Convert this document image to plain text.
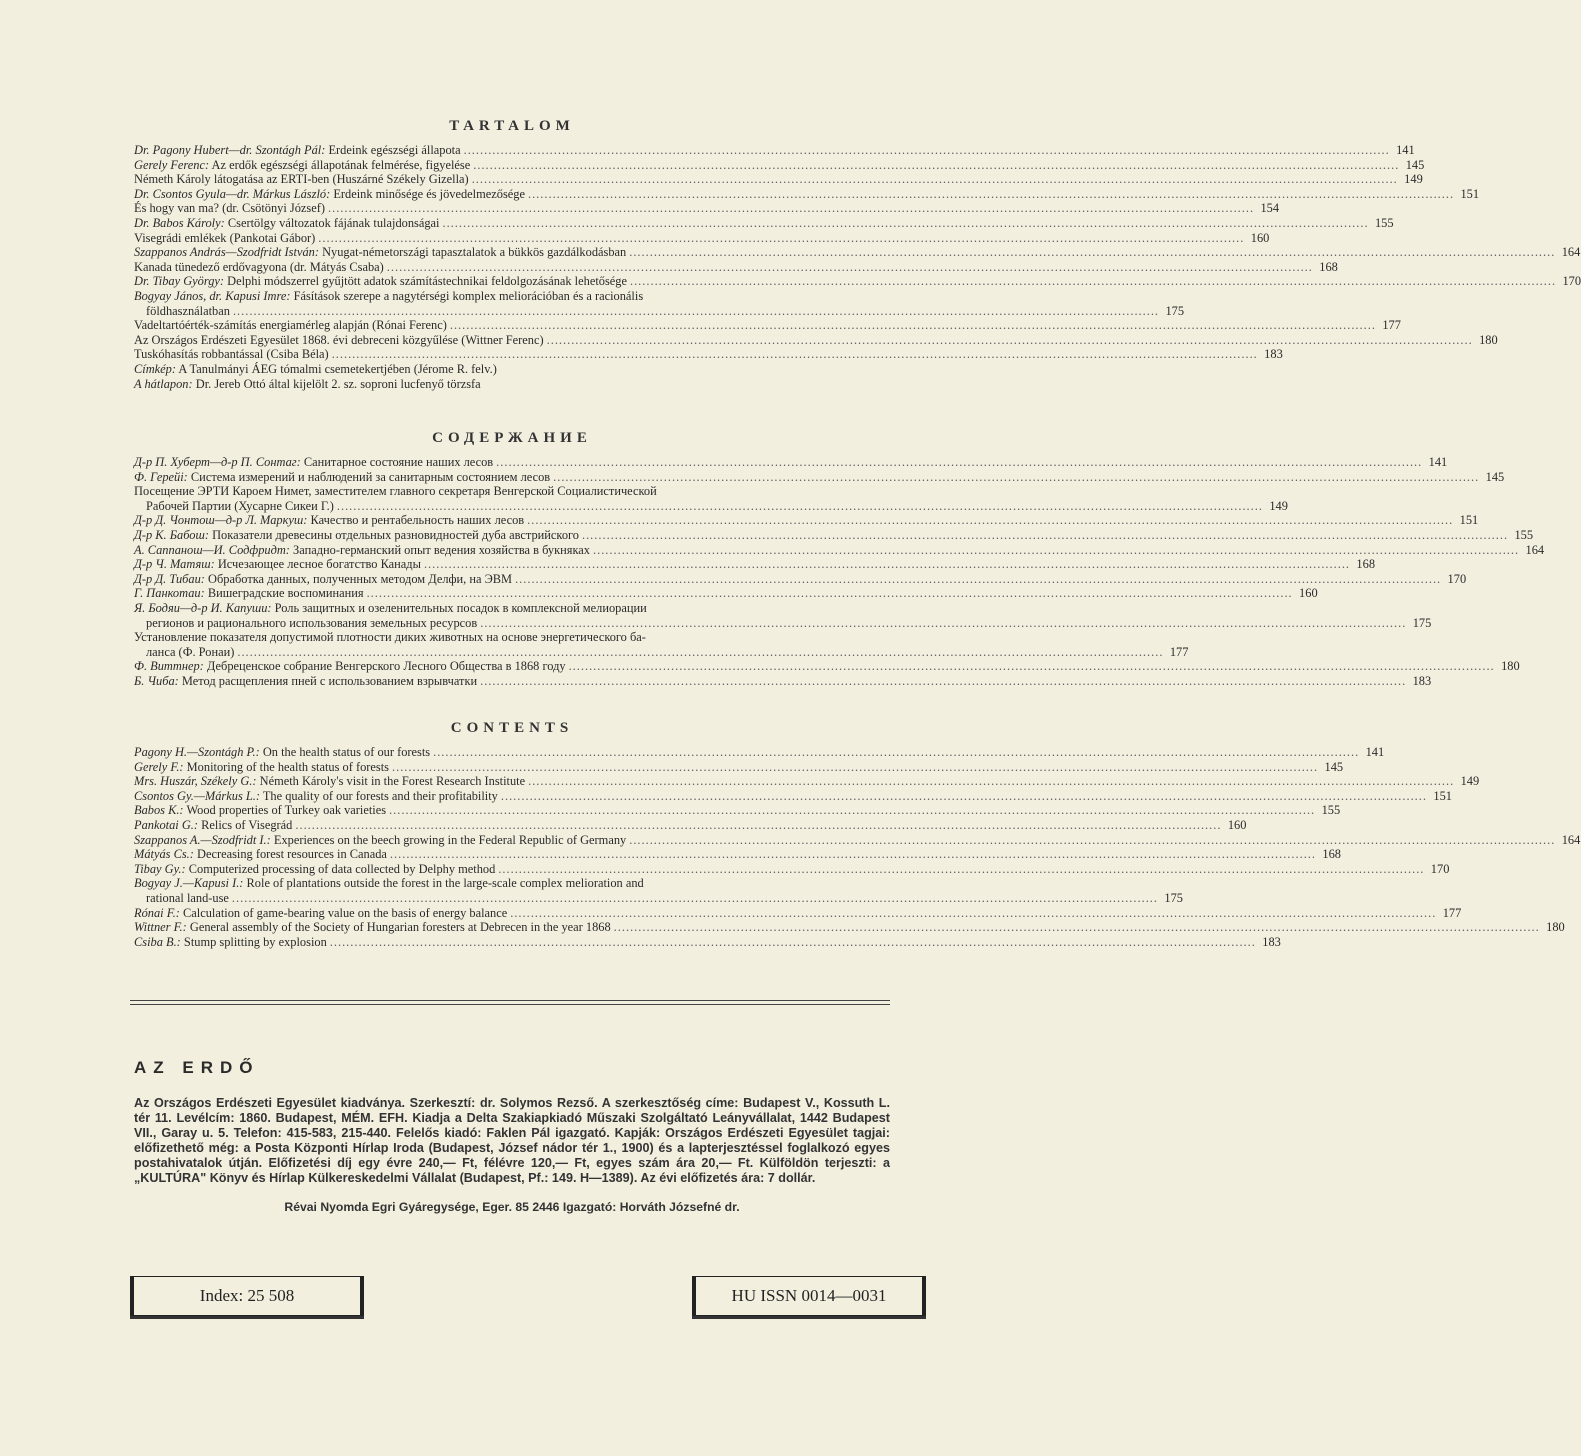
TARTALOM
Dr. Pagony Hubert—dr. Szontágh Pál: Erdeink egészségi állapota .....	141
Gerely Ferenc: Az erdők egészségi állapotának felmérése, figyelése .....	145
Németh Károly látogatása az ERTI-ben (Huszárné Székely Gizella) .....	149
Dr. Csontos Gyula—dr. Márkus László: Erdeink minősége és jövedelmezősége .....	151
És hogy van ma? (dr. Csötönyi József) .....	154
Dr. Babos Károly: Csertölgy változatok fájának tulajdonságai .....	155
Visegrádi emlékek (Pankotai Gábor) .....	160
Szappanos András—Szodfridt István: Nyugat-németországi tapasztalatok a bükkös gazdálkodásban .....	164
Kanada tünedező erdővagyona (dr. Mátyás Csaba) .....	168
Dr. Tibay György: Delphi módszerrel gyűjtött adatok számítástechnikai feldolgozásának lehetősége .....	170
Bogyay János, dr. Kapusi Imre: Fásítások szerepe a nagytérségi komplex meliorációban és a racionális
földhasználatban .....	175
Vadeltartóérték-számítás energiamérleg alapján (Rónai Ferenc) .....	177
Az Országos Erdészeti Egyesület 1868. évi debreceni közgyűlése (Wittner Ferenc) .....	180
Tuskóhasítás robbantással (Csiba Béla) .....	183
Címkép: A Tanulmányi ÁEG tómalmi csemetekertjében (Jérome R. felv.)
A hátlapon: Dr. Jereb Ottó által kijelölt 2. sz. soproni lucfenyő törzsfa
СОДЕРЖАНИЕ
Д-р П. Хуберт—д-р П. Сонтаг: Санитарное состояние наших лесов .....	141
Ф. Герейi: Система измерений и наблюдений за санитарным состоянием лесов .....	145
Посещение ЭРТИ Кароем Нимет, заместителем главного секретаря Венгерской Социалистической
Рабочей Партии (Хусарне Сикеи Г.) .....	149
Д-р Д. Чонтош—д-р Л. Маркуш: Качество и рентабельность наших лесов .....	151
Д-р К. Бабош: Показатели древесины отдельных разновидностей дуба австрийского .....	155
А. Саппанош—И. Содфридт: Западно-германский опыт ведения хозяйства в букняках .....	164
Д-р Ч. Матяш: Исчезающее лесное богатство Канады .....	168
Д-р Д. Тибаи: Обработка данных, полученных методом Делфи, на ЭВМ .....	170
Г. Панкотаи: Вишеградские воспоминания .....	160
Я. Бодяи—д-р И. Капуши: Роль защитных и озеленительных посадок в комплексной мелиорации
регионов и рационального использования земельных ресурсов .....	175
Установление показателя допустимой плотности диких животных на основе энергетического ба-
ланса (Ф. Ронаи) .....	177
Ф. Виттнер: Дебреценское собрание Венгерского Лесного Общества в 1868 году .....	180
Б. Чиба: Метод расщепления пней с использованием взрывчатки .....	183
CONTENTS
Pagony H.—Szontágh P.: On the health status of our forests .....	141
Gerely F.: Monitoring of the health status of forests .....	145
Mrs. Huszár, Székely G.: Németh Károly's visit in the Forest Research Institute .....	149
Csontos Gy.—Márkus L.: The quality of our forests and their profitability .....	151
Babos K.: Wood properties of Turkey oak varieties .....	155
Pankotai G.: Relics of Visegrád .....	160
Szappanos A.—Szodfridt I.: Experiences on the beech growing in the Federal Republic of Germany .....	164
Mátyás Cs.: Decreasing forest resources in Canada .....	168
Tibay Gy.: Computerized processing of data collected by Delphy method .....	170
Bogyay J.—Kapusi I.: Role of plantations outside the forest in the large-scale complex melioration and
rational land-use .....	175
Rónai F.: Calculation of game-bearing value on the basis of energy balance .....	177
Wittner F.: General assembly of the Society of Hungarian foresters at Debrecen in the year 1868 .....	180
Csiba B.: Stump splitting by explosion .....	183
AZ ERDŐ

Az Országos Erdészeti Egyesület kiadványa. Szerkesztí: dr. Solymos Rezső. A szerkesztőség címe: Budapest V., Kossuth L. tér 11. Levélcím: 1860. Budapest, MÉM. EFH. Kiadja a Delta Szakiapkiadó Műszaki Szolgáltató Leányvállalat, 1442 Budapest VII., Garay u. 5. Telefon: 415-583, 215-440. Felelős kiadó: Faklen Pál igazgató. Kapják: Országos Erdészeti Egyesület tagjai: előfizethető még: a Posta Központi Hírlap Iroda (Budapest, József nádor tér 1., 1900) és a lapterjesztéssel foglalkozó egyes postahivatalok útján. Előfizetési díj egy évre 240,— Ft, félévre 120,— Ft, egyes szám ára 20,— Ft. Külföldön terjeszti: a „KULTÚRA" Könyv és Hírlap Külkereskedelmi Vállalat (Budapest, Pf.: 149. H—1389). Az évi előfizetés ára: 7 dollár.

Révai Nyomda Egri Gyáregysége, Eger. 85 2446 Igazgató: Horváth Józsefné dr.

Index: 25 508	HU ISSN 0014—0031
